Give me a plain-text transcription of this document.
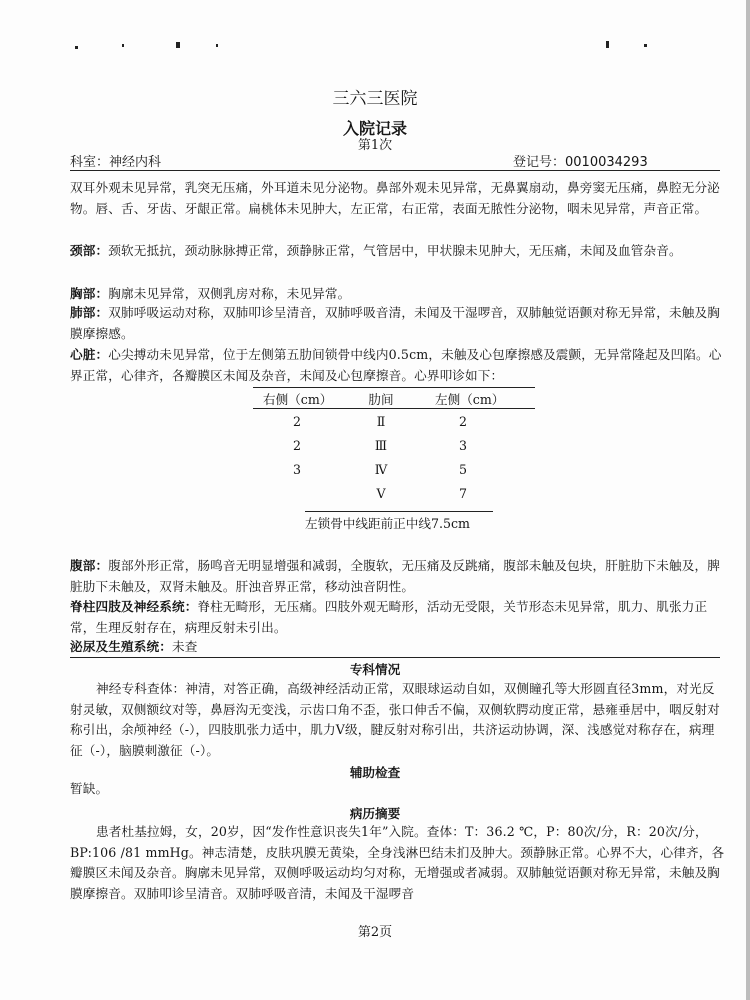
三六三医院
入院记录
第1次
科室：神经内科	登记号：0010034293
双耳外观未见异常，乳突无压痛，外耳道未见分泌物。鼻部外观未见异常，无鼻翼扇动，鼻旁窦无压痛，鼻腔无分泌物。唇、舌、牙齿、牙龈正常。扁桃体未见肿大，左正常，右正常，表面无脓性分泌物，咽未见异常，声音正常。
颈部：颈软无抵抗，颈动脉脉搏正常，颈静脉正常，气管居中，甲状腺未见肿大，无压痛，未闻及血管杂音。
胸部：胸廓未见异常，双侧乳房对称，未见异常。
肺部：双肺呼吸运动对称，双肺叩诊呈清音，双肺呼吸音清，未闻及干湿啰音，双肺触觉语颤对称无异常，未触及胸膜摩擦感。
心脏：心尖搏动未见异常，位于左侧第五肋间锁骨中线内0.5cm，未触及心包摩擦感及震颤，无异常隆起及凹陷。心界正常，心律齐，各瓣膜区未闻及杂音，未闻及心包摩擦音。心界叩诊如下：
右侧（cm）	肋间	左侧（cm）
2	Ⅱ	2
2	Ⅲ	3
3	Ⅳ	5
	Ⅴ	7
左锁骨中线距前正中线7.5cm
腹部：腹部外形正常，肠鸣音无明显增强和减弱，全腹软，无压痛及反跳痛，腹部未触及包块，肝脏肋下未触及，脾脏肋下未触及，双肾未触及。肝浊音界正常，移动浊音阴性。
脊柱四肢及神经系统：脊柱无畸形，无压痛。四肢外观无畸形，活动无受限，关节形态未见异常，肌力、肌张力正常，生理反射存在，病理反射未引出。
泌尿及生殖系统：未查
专科情况
神经专科查体：神清，对答正确，高级神经活动正常，双眼球运动自如，双侧瞳孔等大形圆直径3mm，对光反射灵敏，双侧额纹对等，鼻唇沟无变浅，示齿口角不歪，张口伸舌不偏，双侧软腭动度正常，悬雍垂居中，咽反射对称引出，余颅神经（-），四肢肌张力适中，肌力Ⅴ级，腱反射对称引出，共济运动协调，深、浅感觉对称存在，病理征（-），脑膜刺激征（-）。
辅助检查
暂缺。
病历摘要
患者杜基拉姆，女，20岁，因“发作性意识丧失1年”入院。查体：T：36.2 ℃，P：80次/分，R：20次/分，BP:106 /81 mmHg。神志清楚，皮肤巩膜无黄染，全身浅淋巴结未扪及肿大。颈静脉正常。心界不大，心律齐，各瓣膜区未闻及杂音。胸廓未见异常，双侧呼吸运动均匀对称，无增强或者减弱。双肺触觉语颤对称无异常，未触及胸膜摩擦音。双肺叩诊呈清音。双肺呼吸音清，未闻及干湿啰音
第2页
